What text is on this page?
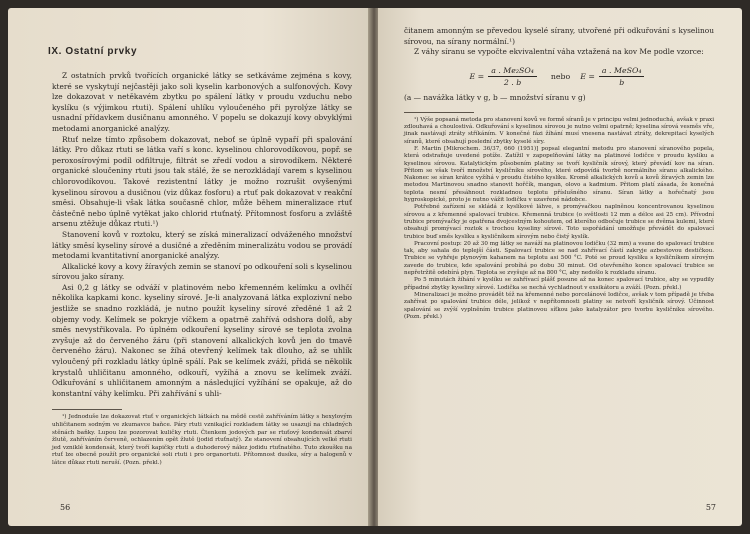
IX. Ostatní prvky

Z ostatních prvků tvořících organické látky se setkáváme zejména s kovy, které se vyskytují nejčastěji jako soli kyselin karbonových a sulfonových. Kovy lze dokazovat v netěkavém zbytku po spálení látky v proudu vzduchu nebo kyslíku (s výjimkou rtuti). Spálení uhlíku vyloučeného při pyrolýze látky se usnadní přídavkem dusičnanu amonného. V popelu se dokazují kovy obvyklými metodami anorganické analýzy.

Rtuť nelze tímto způsobem dokazovat, neboť se úplně vypaří při spalování látky. Pro důkaz rtuti se látka vaří s konc. kyselinou chlorovodíkovou, popř. se peroxosírovými podíl odfiltruje, filtrát se zředí vodou a sirovodíkem. Některé organické sloučeniny rtuti jsou tak stálé, že se nerozkládají varem s kyselinou chlorovodíkovou. Takové rezistentní látky je možno rozrušit ovyšenými kyselinou sírovou a dusičnou (viz důkaz fosforu) a rtuť pak dokazovat v reakční směsi. Obsahuje-li však látka současně chlor, může během mineralizace rtuť částečně nebo úplně vytěkat jako chlorid rtuťnatý. Přítomnost fosforu a zvláště arsenu ztěžuje důkaz rtuti.¹)

Stanovení kovů v roztoku, který se získá mineralizací odváženého množství látky směsí kyseliny sírové a dusičné a zředěním mineralizátu vodou se provádí metodami kvantitativní anorganické analýzy.

Alkalické kovy a kovy žíravých zemin se stanoví po odkouření soli s kyselinou sírovou jako sírany.

Asi 0,2 g látky se odváží v platinovém nebo křemenném kelímku a ovlhčí několika kapkami konc. kyseliny sírové. Je-li analyzovaná látka explozivní nebo jestliže se snadno rozkládá, je nutno použít kyseliny sírové zředěné 1 až 2 objemy vody. Kelímek se pokryje víčkem a opatrně zahřívá odshora dolů, aby směs nevystřikovala. Po úplném odkouření kyseliny sírové se teplota zvolna zvyšuje až do červeného žáru (při stanovení alkalických kovů jen do tmavě červeného žáru). Nakonec se žíhá otevřený kelímek tak dlouho, až se uhlík vyloučený při rozkladu látky úplně spálí. Pak se kelímek zváží, přidá se několik krystalů uhličitanu amonného, odkouří, vyžíhá a znovu se kelímek zváží. Odkuřování s uhličitanem amonným a následující vyžíhání se opakuje, až do konstantní váhy kelímku. Při zahřívání s uhli-

¹) Jednoduše lze dokazovat rtuť v organických látkách na mědě cestě zahříváním látky s hexylovým uhličitanem sodným ve zkumavce baňce. Páry rtuti vznikající rozkladem látky se usazují na chladných stěnách baňky. Lupou lze pozorovat kuličky rtuti. Čtenkem jodových par se rtuťový kondensát zbarví žlutě, zahříváním červeně, ochlazením opět žlutě (jodid rtuťnatý). Ze stanovení obsahujících velké rtuti jed vzniklé kondensát, který tvoří kapičky rtuti a duhoderový nález jodidu rtuťnatého. Tuto zkoušku na rtuť lze obecně použít pro organické soli rtuti i pro organortuti. Přítomnost dusíku, síry a halogenů v látce důkaz rtuti neruší. (Pozn. překl.)

56

čitanem amonným se převedou kyselé sírany, utvořené při odkuřování s kyselinou sírovou, na sírany normální.¹)

Z váhy síranu se vypočte ekvivalentní váha vztažená na kov Me podle vzorce:

$E = \frac{\text{a . Me₂SO₄}}{2 . b}$ nebo $E = \frac{\text{a . MeSO₄}}{b}$
(a — navážka látky v g, b — množství síranu v g)

¹) Výše popsaná metoda pro stanovení kovů ve formě síranů je v principu velmi jednoduchá, avšak v praxi zdlouhavá a choulostivá. Odkuřování s kyselinou sírovou je nutno velmi opatrně; kyselina sírová vesměs vře, jinak nastávají ztráty stříkáním. V konečné fázi žíhání musí vnesena nastávat ztráty, dekrepitací kyselých síranů, které obsahují poslední zbytky kyselé síry.

F. Martin [Mikrochem. 36/37, 660 (1951)] popsal elegantní metodu pro stanovení síranového popela, která odstraňuje uvedené potíže. Zatížil v zapopelňování látky na platinové lodičce v proudu kyslíku a kyselinou sírovou. Katalytickým působením platiny se tvoří kysličník sírový, který převádí kov na síran. Přitom se však tvoří množství kysličníku sírového, které odpovídá tvorbě normálního síranu alkalického. Nakonec se síran krátce vyžíhá v proudu čistého kyslíku. Kromě alkalických kovů a kovů žíravých zemin lze metodou Martinovou snadno stanovit hořčík, mangan, olovo a kadmium. Přitom platí zásada, že konečná teplota nesmí přesáhnout rozkladnou teplotu příslušného síranu. Síran látky a hořečnatý jsou hygroskopické, proto je nutno vážit lodičku v uzavřené nádobce.

Potřebné zařízení se skládá z kyslíkové láhve, s promývačkou naplněnou koncentrovanou kyselinou sírovou a z křemenné spalovací trubice. Křemenná trubice (o světlosti 12 mm a délce asi 25 cm). Přívodní trubice promývačky je opatřena dvojcestným kohoutem, od kterého odbočuje trubice se dvěma kulemi, které obsahují promývací roztok s trochou kyseliny sírové. Toto uspořádání umožňuje převádět do spalovací trubice buď směs kyslíku s kysličníkem sírovým nebo čistý kyslík.

Pracovní postup: 20 až 30 mg látky se naváží na platinovou lodičku (32 mm) a vsune do spalovací trubice tak, aby sahala do teplejší části. Spalovací trubice se nad zahřívací částí zakryje azbestovou destičkou. Trubice se vyhřeje plynovým kahanem na teplotu asi 500 °C. Poté se proud kyslíku s kysličníkem sírovým zavede do trubice, kde spalování probíhá po dobu 30 minut. Od otevřeného konce spalovací trubice se nepřetržitě odebírá plyn. Teplota se zvyšuje až na 800 °C, aby nedošlo k rozkladu síranu.

Po 5 minutách žíhání v kyslíku se zahřívací plášť posune až na konec spalovací trubice, aby se vypudily případné zbytky kyseliny sírové. Lodička se nechá vychladnout v exsikátoru a zváží. (Pozn. překl.)

Mineralizaci je možno provádět též na křemenné nebo porcelánové lodičce, avšak v tom případě je třeba zahřívat po spalování trubice déle, jelikož v nepřítomnosti platiny se netvoří kysličník sírový. Účinnost spalování se zvýší vyplněním trubice platinovou síťkou jako katalyzátor pro tvorbu kysličníku sírového. (Pozn. překl.)

57
